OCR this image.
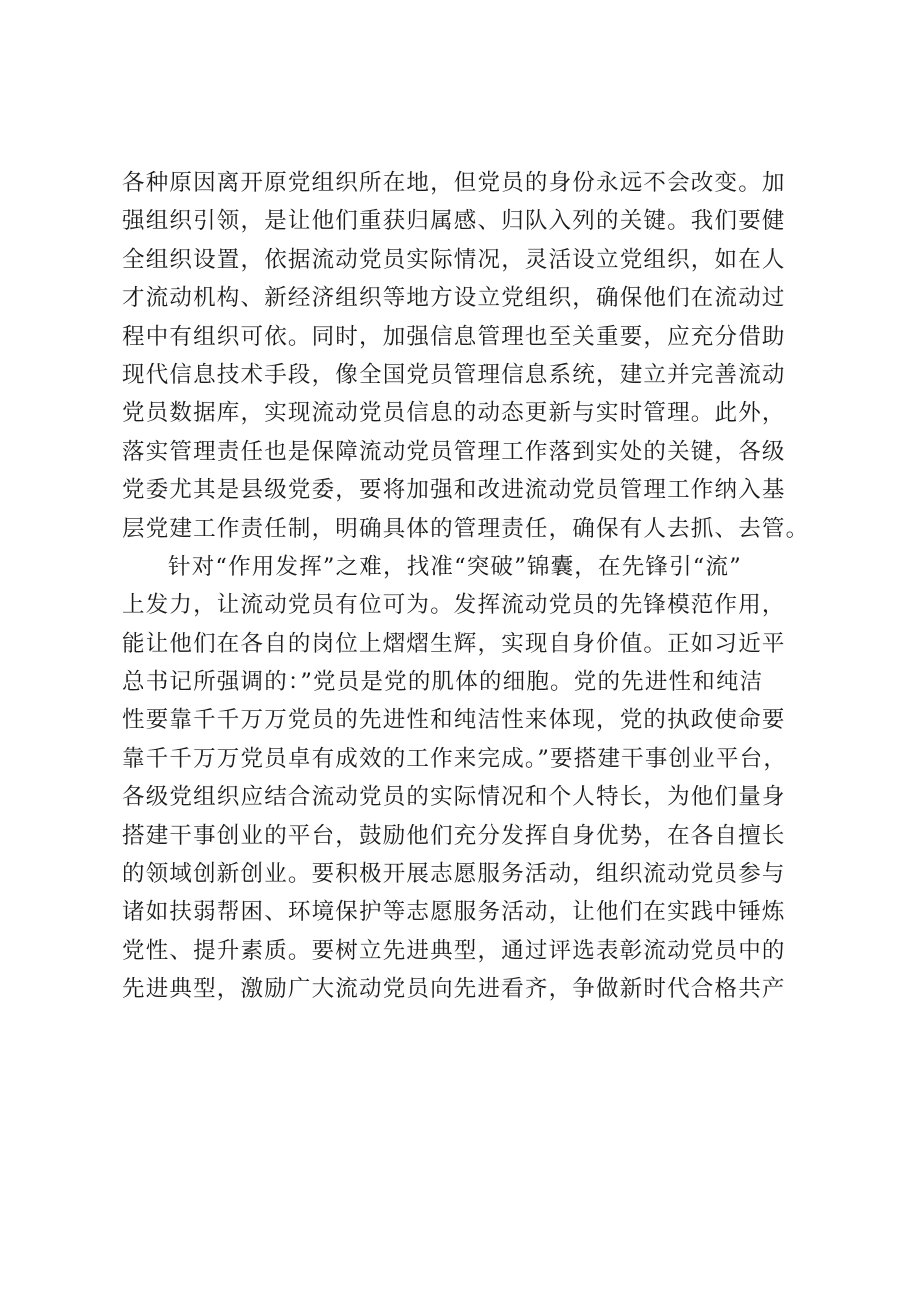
各种原因离开原党组织所在地，但党员的身份永远不会改变。加
强组织引领，是让他们重获归属感、归队入列的关键。我们要健
全组织设置，依据流动党员实际情况，灵活设立党组织，如在人
才流动机构、新经济组织等地方设立党组织，确保他们在流动过
程中有组织可依。同时，加强信息管理也至关重要，应充分借助
现代信息技术手段，像全国党员管理信息系统，建立并完善流动
党员数据库，实现流动党员信息的动态更新与实时管理。此外，
落实管理责任也是保障流动党员管理工作落到实处的关键，各级
党委尤其是县级党委，要将加强和改进流动党员管理工作纳入基
层党建工作责任制，明确具体的管理责任，确保有人去抓、去管。
针对“作用发挥”之难，找准“突破”锦囊，在先锋引“流”
上发力，让流动党员有位可为。发挥流动党员的先锋模范作用，
能让他们在各自的岗位上熠熠生辉，实现自身价值。正如习近平
总书记所强调的：”党员是党的肌体的细胞。党的先进性和纯洁
性要靠千千万万党员的先进性和纯洁性来体现，党的执政使命要
靠千千万万党员卓有成效的工作来完成。”要搭建干事创业平台，
各级党组织应结合流动党员的实际情况和个人特长，为他们量身
搭建干事创业的平台，鼓励他们充分发挥自身优势，在各自擅长
的领域创新创业。要积极开展志愿服务活动，组织流动党员参与
诸如扶弱帮困、环境保护等志愿服务活动，让他们在实践中锤炼
党性、提升素质。要树立先进典型，通过评选表彰流动党员中的
先进典型，激励广大流动党员向先进看齐，争做新时代合格共产
